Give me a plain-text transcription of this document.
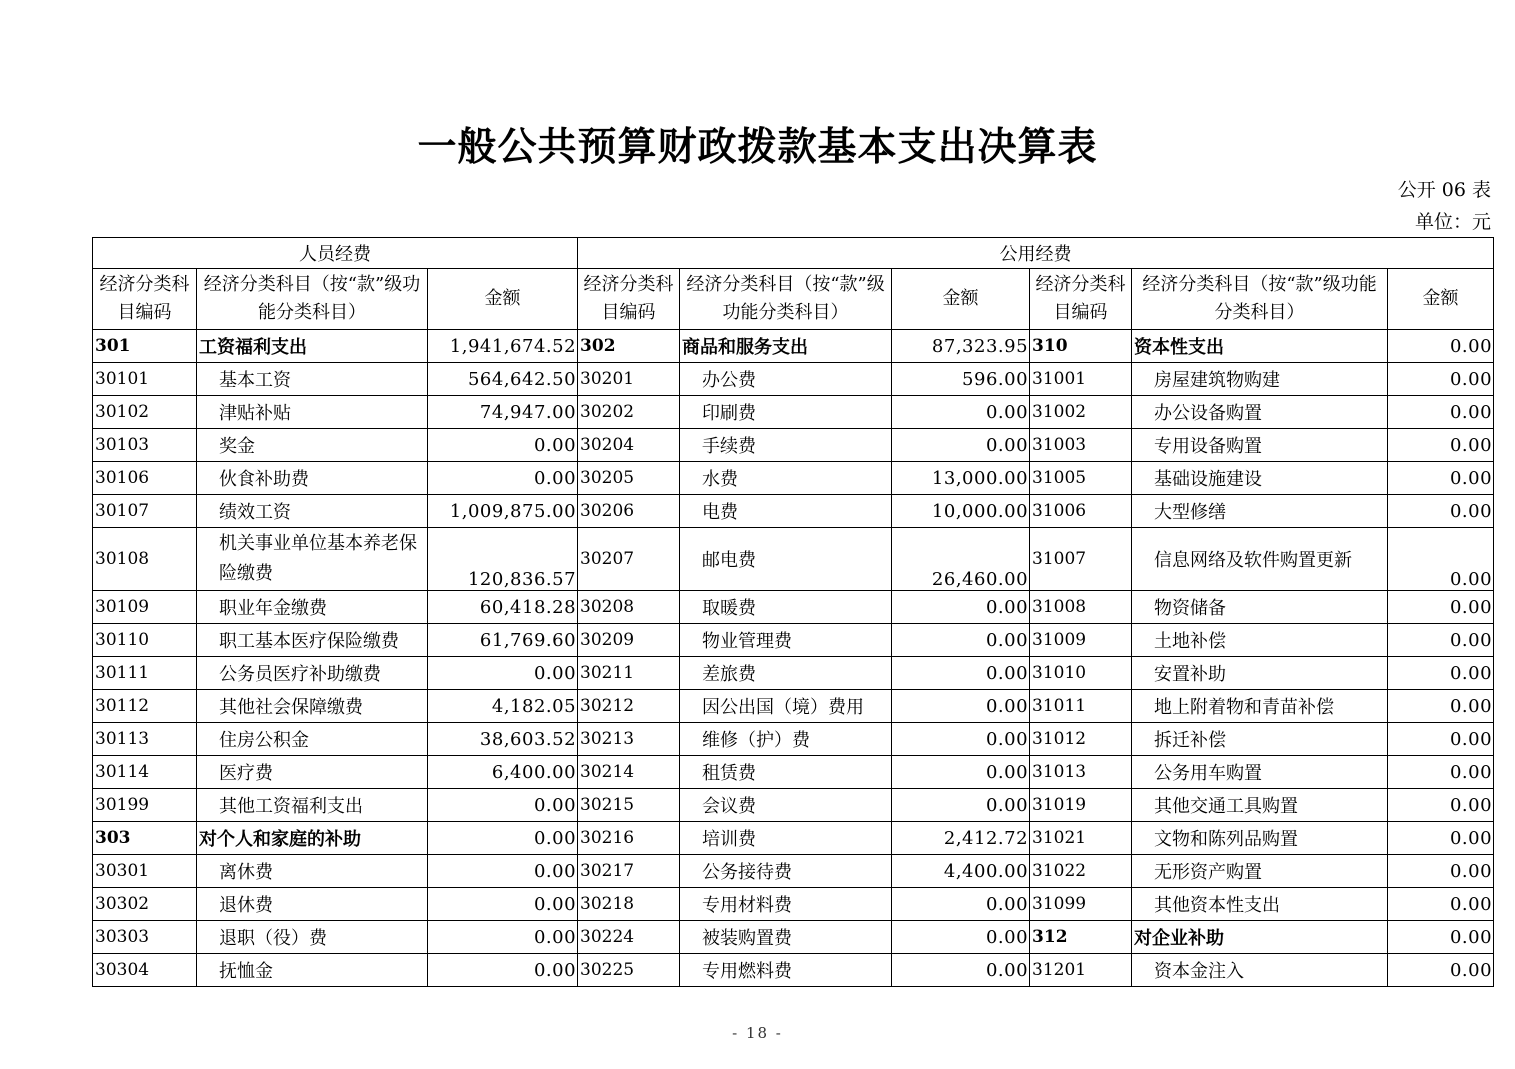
一般公共预算财政拨款基本支出决算表
公开 06 表
单位：元
人员经费			公用经费					
经济分类科目编码	经济分类科目（按“款”级功能分类科目）	金额	经济分类科目编码	经济分类科目（按“款”级功能分类科目）	金额	经济分类科目编码	经济分类科目（按“款”级功能分类科目）	金额
301	工资福利支出	1,941,674.52	302	商品和服务支出	87,323.95	310	资本性支出	0.00
30101	基本工资	564,642.50	30201	办公费	596.00	31001	房屋建筑物购建	0.00
30102	津贴补贴	74,947.00	30202	印刷费	0.00	31002	办公设备购置	0.00
30103	奖金	0.00	30204	手续费	0.00	31003	专用设备购置	0.00
30106	伙食补助费	0.00	30205	水费	13,000.00	31005	基础设施建设	0.00
30107	绩效工资	1,009,875.00	30206	电费	10,000.00	31006	大型修缮	0.00
30108	机关事业单位基本养老保险缴费	120,836.57	30207	邮电费	26,460.00	31007	信息网络及软件购置更新	0.00
30109	职业年金缴费	60,418.28	30208	取暖费	0.00	31008	物资储备	0.00
30110	职工基本医疗保险缴费	61,769.60	30209	物业管理费	0.00	31009	土地补偿	0.00
30111	公务员医疗补助缴费	0.00	30211	差旅费	0.00	31010	安置补助	0.00
30112	其他社会保障缴费	4,182.05	30212	因公出国（境）费用	0.00	31011	地上附着物和青苗补偿	0.00
30113	住房公积金	38,603.52	30213	维修（护）费	0.00	31012	拆迁补偿	0.00
30114	医疗费	6,400.00	30214	租赁费	0.00	31013	公务用车购置	0.00
30199	其他工资福利支出	0.00	30215	会议费	0.00	31019	其他交通工具购置	0.00
303	对个人和家庭的补助	0.00	30216	培训费	2,412.72	31021	文物和陈列品购置	0.00
30301	离休费	0.00	30217	公务接待费	4,400.00	31022	无形资产购置	0.00
30302	退休费	0.00	30218	专用材料费	0.00	31099	其他资本性支出	0.00
30303	退职（役）费	0.00	30224	被装购置费	0.00	312	对企业补助	0.00
30304	抚恤金	0.00	30225	专用燃料费	0.00	31201	资本金注入	0.00
- 18 -
